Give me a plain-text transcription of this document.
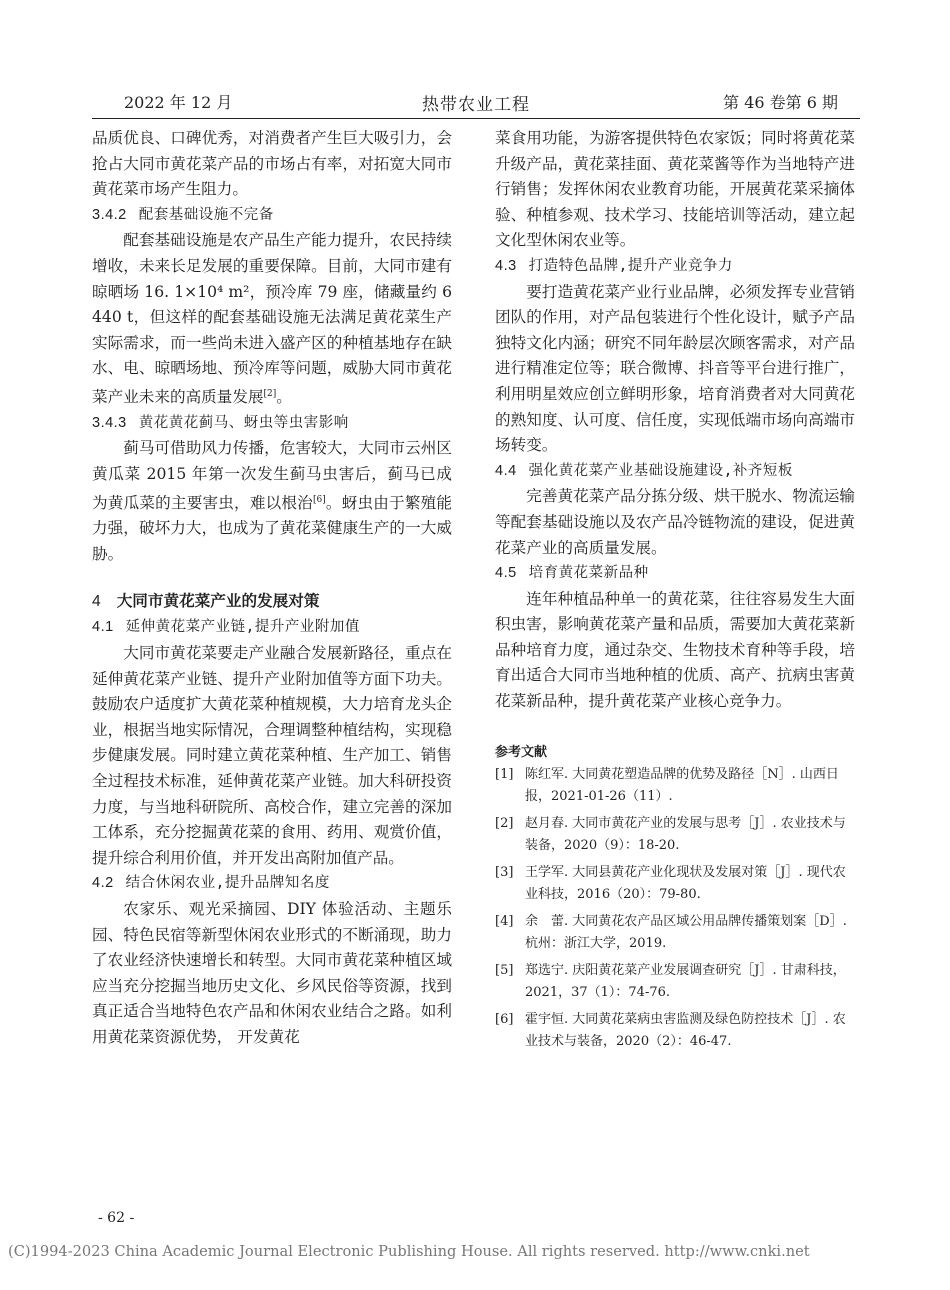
2022 年 12 月	热带农业工程	第 46 卷第 6 期

品质优良、口碑优秀，对消费者产生巨大吸引力，会抢占大同市黄花菜产品的市场占有率，对拓宽大同市黄花菜市场产生阻力。

3.4.2 配套基础设施不完备

配套基础设施是农产品生产能力提升，农民持续增收，未来长足发展的重要保障。目前，大同市建有晾晒场 16. 1×10⁴ m²，预冷库 79 座，储藏量约 6 440 t，但这样的配套基础设施无法满足黄花菜生产实际需求，而一些尚未进入盛产区的种植基地存在缺水、电、晾晒场地、预冷库等问题，威胁大同市黄花菜产业未来的高质量发展[2]。

3.4.3 黄花黄花蓟马、蚜虫等虫害影响

蓟马可借助风力传播，危害较大，大同市云州区黄瓜菜 2015 年第一次发生蓟马虫害后，蓟马已成为黄瓜菜的主要害虫，难以根治[6]。蚜虫由于繁殖能力强，破坏力大，也成为了黄花菜健康生产的一大威胁。

4 大同市黄花菜产业的发展对策

4.1 延伸黄花菜产业链,提升产业附加值

大同市黄花菜要走产业融合发展新路径，重点在延伸黄花菜产业链、提升产业附加值等方面下功夫。鼓励农户适度扩大黄花菜种植规模，大力培育龙头企业，根据当地实际情况，合理调整种植结构，实现稳步健康发展。同时建立黄花菜种植、生产加工、销售全过程技术标准，延伸黄花菜产业链。加大科研投资力度，与当地科研院所、高校合作，建立完善的深加工体系，充分挖掘黄花菜的食用、药用、观赏价值，提升综合利用价值，并开发出高附加值产品。

4.2 结合休闲农业,提升品牌知名度

农家乐、观光采摘园、DIY 体验活动、主题乐园、特色民宿等新型休闲农业形式的不断涌现，助力了农业经济快速增长和转型。大同市黄花菜种植区域应当充分挖掘当地历史文化、乡风民俗等资源，找到真正适合当地特色农产品和休闲农业结合之路。如利用黄花菜资源优势， 开发黄花

菜食用功能，为游客提供特色农家饭；同时将黄花菜升级产品，黄花菜挂面、黄花菜酱等作为当地特产进行销售；发挥休闲农业教育功能，开展黄花菜采摘体验、种植参观、技术学习、技能培训等活动，建立起文化型休闲农业等。

4.3 打造特色品牌,提升产业竞争力

要打造黄花菜产业行业品牌，必须发挥专业营销团队的作用，对产品包装进行个性化设计，赋予产品独特文化内涵；研究不同年龄层次顾客需求，对产品进行精准定位等；联合微博、抖音等平台进行推广，利用明星效应创立鲜明形象，培育消费者对大同黄花的熟知度、认可度、信任度，实现低端市场向高端市场转变。

4.4 强化黄花菜产业基础设施建设,补齐短板

完善黄花菜产品分拣分级、烘干脱水、物流运输等配套基础设施以及农产品冷链物流的建设，促进黄花菜产业的高质量发展。

4.5 培育黄花菜新品种

连年种植品种单一的黄花菜，往往容易发生大面积虫害，影响黄花菜产量和品质，需要加大黄花菜新品种培育力度，通过杂交、生物技术育种等手段，培育出适合大同市当地种植的优质、高产、抗病虫害黄花菜新品种，提升黄花菜产业核心竞争力。

参考文献

[1] 陈红军. 大同黄花塑造品牌的优势及路径［N］. 山西日报，2021-01-26（11）.
[2] 赵月春. 大同市黄花产业的发展与思考［J］. 农业技术与装备，2020（9）：18-20.
[3] 王学军. 大同县黄花产业化现状及发展对策［J］. 现代农业科技，2016（20）：79-80.
[4] 余　蕾. 大同黄花农产品区域公用品牌传播策划案［D］. 杭州：浙江大学，2019.
[5] 郑选宁. 庆阳黄花菜产业发展调查研究［J］. 甘肃科技，2021，37（1）：74-76.
[6] 霍宇恒. 大同黄花菜病虫害监测及绿色防控技术［J］. 农业技术与装备，2020（2）：46-47.
- 62 -
(C)1994-2023 China Academic Journal Electronic Publishing House. All rights reserved. http://www.cnki.net
